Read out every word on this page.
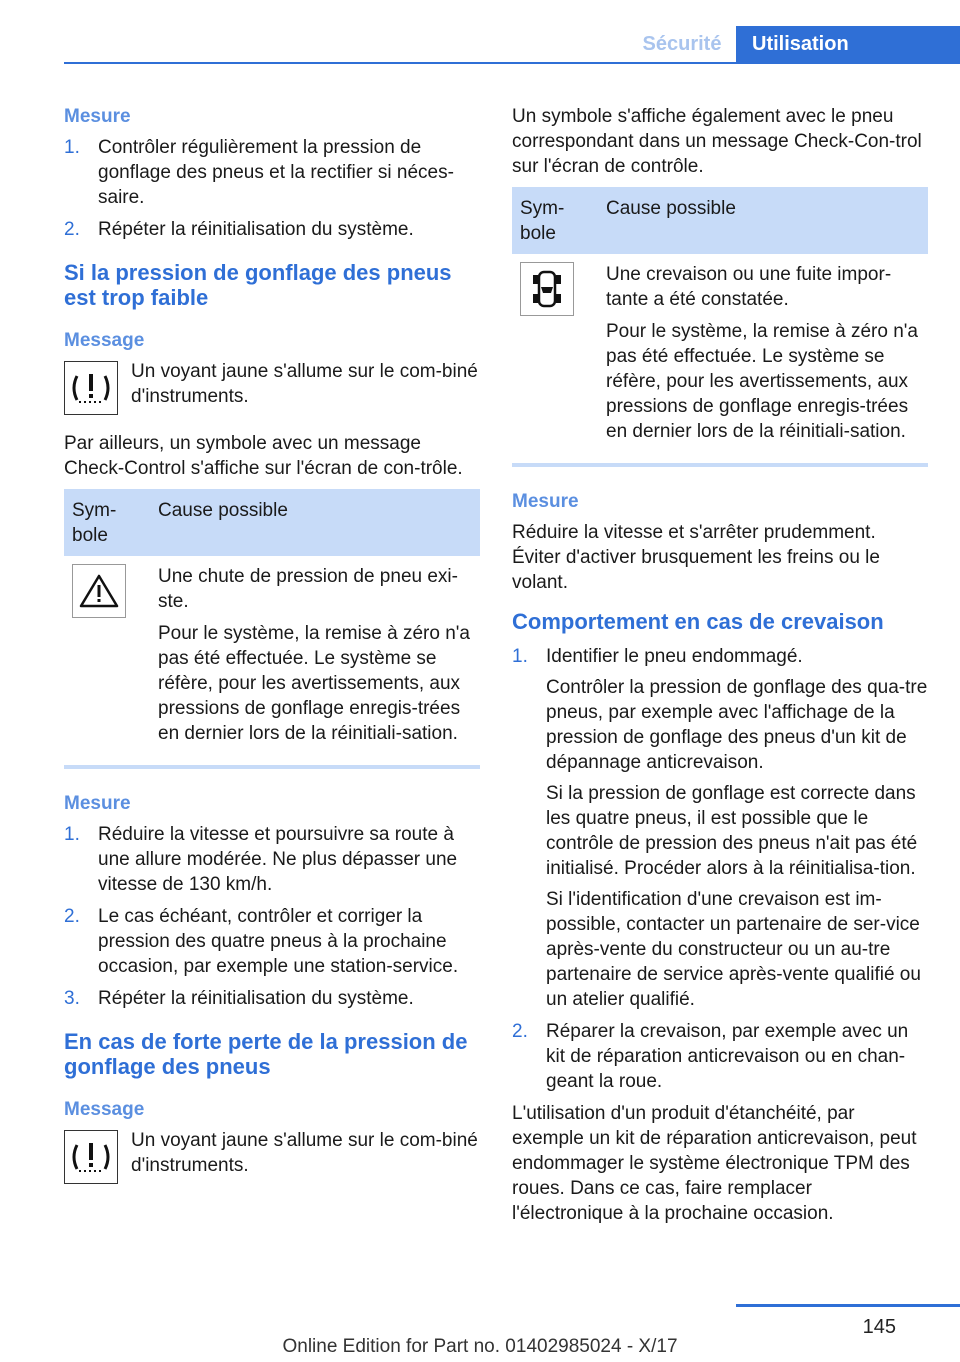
Sécurité	Utilisation
Mesure
1. Contrôler régulièrement la pression de gonflage des pneus et la rectifier si néces‐saire.
2. Répéter la réinitialisation du système.
Si la pression de gonflage des pneus est trop faible
Message
Un voyant jaune s'allume sur le com‐biné d'instruments.
Par ailleurs, un symbole avec un message Check-Control s'affiche sur l'écran de con‐trôle.
Sym‐bole	Cause possible

Une chute de pression de pneu exi‐ste.
Pour le système, la remise à zéro n'a pas été effectuée. Le système se réfère, pour les avertissements, aux pressions de gonflage enregis‐trées en dernier lors de la réinitiali‐sation.
Mesure
1. Réduire la vitesse et poursuivre sa route à une allure modérée. Ne plus dépasser une vitesse de 130 km/h.
2. Le cas échéant, contrôler et corriger la pression des quatre pneus à la prochaine occasion, par exemple une station-service.
3. Répéter la réinitialisation du système.
En cas de forte perte de la pression de gonflage des pneus
Message
Un voyant jaune s'allume sur le com‐biné d'instruments.
Un symbole s'affiche également avec le pneu correspondant dans un message Check-Con‐trol sur l'écran de contrôle.
Sym‐bole	Cause possible

Une crevaison ou une fuite impor‐tante a été constatée.
Pour le système, la remise à zéro n'a pas été effectuée. Le système se réfère, pour les avertissements, aux pressions de gonflage enregis‐trées en dernier lors de la réinitiali‐sation.
Mesure
Réduire la vitesse et s'arrêter prudemment. Éviter d'activer brusquement les freins ou le volant.
Comportement en cas de crevaison
1. Identifier le pneu endommagé.
Contrôler la pression de gonflage des qua‐tre pneus, par exemple avec l'affichage de la pression de gonflage des pneus d'un kit de dépannage anticrevaison.
Si la pression de gonflage est correcte dans les quatre pneus, il est possible que le contrôle de pression des pneus n'ait pas été initialisé. Procéder alors à la réinitialisa‐tion.
Si l'identification d'une crevaison est im‐possible, contacter un partenaire de ser‐vice après-vente du constructeur ou un au‐tre partenaire de service après-vente qualifié ou un atelier qualifié.
2. Réparer la crevaison, par exemple avec un kit de réparation anticrevaison ou en chan‐geant la roue.
L'utilisation d'un produit d'étanchéité, par exemple un kit de réparation anticrevaison, peut endommager le système électronique TPM des roues. Dans ce cas, faire remplacer l'électronique à la prochaine occasion.
145
Online Edition for Part no. 01402985024 - X/17
